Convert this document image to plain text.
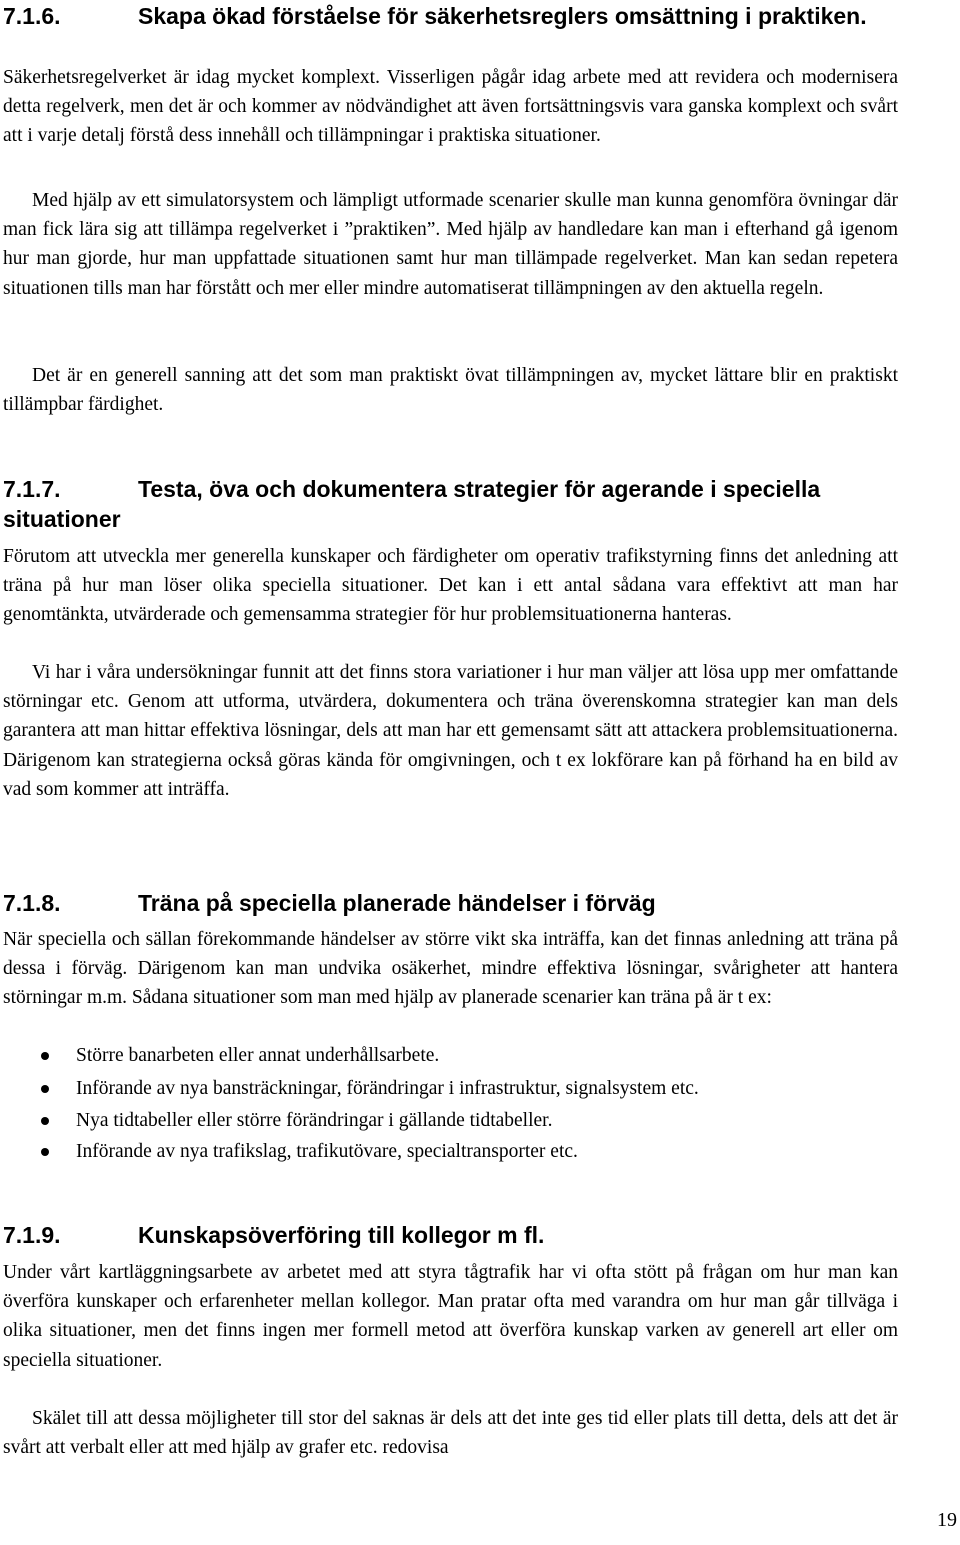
7.1.6.	Skapa ökad förståelse för säkerhetsreglers omsättning i praktiken.

Säkerhetsregelverket är idag mycket komplext. Visserligen pågår idag arbete med att revidera och modernisera detta regelverk, men det är och kommer av nödvändighet att även fortsättningsvis vara ganska komplext och svårt att i varje detalj förstå dess innehåll och tillämpningar i praktiska situationer.

Med hjälp av ett simulatorsystem och lämpligt utformade scenarier skulle man kunna genomföra övningar där man fick lära sig att tillämpa regelverket i ”praktiken”. Med hjälp av handledare kan man i efterhand gå igenom hur man gjorde, hur man uppfattade situationen samt hur man tillämpade regelverket. Man kan sedan repetera situationen tills man har förstått och mer eller mindre automatiserat tillämpningen av den aktuella regeln.

Det är en generell sanning att det som man praktiskt övat tillämpningen av, mycket lättare blir en praktiskt tillämpbar färdighet.

7.1.7.	Testa, öva och dokumentera strategier för agerande i speciella situationer

Förutom att utveckla mer generella kunskaper och färdigheter om operativ trafikstyrning finns det anledning att träna på hur man löser olika speciella situationer. Det kan i ett antal sådana vara effektivt att man har genomtänkta, utvärderade och gemensamma strategier för hur problemsituationerna hanteras.

Vi har i våra undersökningar funnit att det finns stora variationer i hur man väljer att lösa upp mer omfattande störningar etc. Genom att utforma, utvärdera, dokumentera och träna överenskomna strategier kan man dels garantera att man hittar effektiva lösningar, dels att man har ett gemensamt sätt att attackera problemsituationerna. Därigenom kan strategierna också göras kända för omgivningen, och t ex lokförare kan på förhand ha en bild av vad som kommer att inträffa.

7.1.8.	Träna på speciella planerade händelser i förväg

När speciella och sällan förekommande händelser av större vikt ska inträffa, kan det finnas anledning att träna på dessa i förväg. Därigenom kan man undvika osäkerhet, mindre effektiva lösningar, svårigheter att hantera störningar m.m. Sådana situationer som man med hjälp av planerade scenarier kan träna på är t ex:

Större banarbeten eller annat underhållsarbete.
Införande av nya bansträckningar, förändringar i infrastruktur, signalsystem etc.
Nya tidtabeller eller större förändringar i gällande tidtabeller.
Införande av nya trafikslag, trafikutövare, specialtransporter etc.
7.1.9.	Kunskapsöverföring till kollegor m fl.

Under vårt kartläggningsarbete av arbetet med att styra tågtrafik har vi ofta stött på frågan om hur man kan överföra kunskaper och erfarenheter mellan kollegor. Man pratar ofta med varandra om hur man går tillväga i olika situationer, men det finns ingen mer formell metod att överföra kunskap varken av generell art eller om speciella situationer.

Skälet till att dessa möjligheter till stor del saknas är dels att det inte ges tid eller plats till detta, dels att det är svårt att verbalt eller att med hjälp av grafer etc. redovisa

19
